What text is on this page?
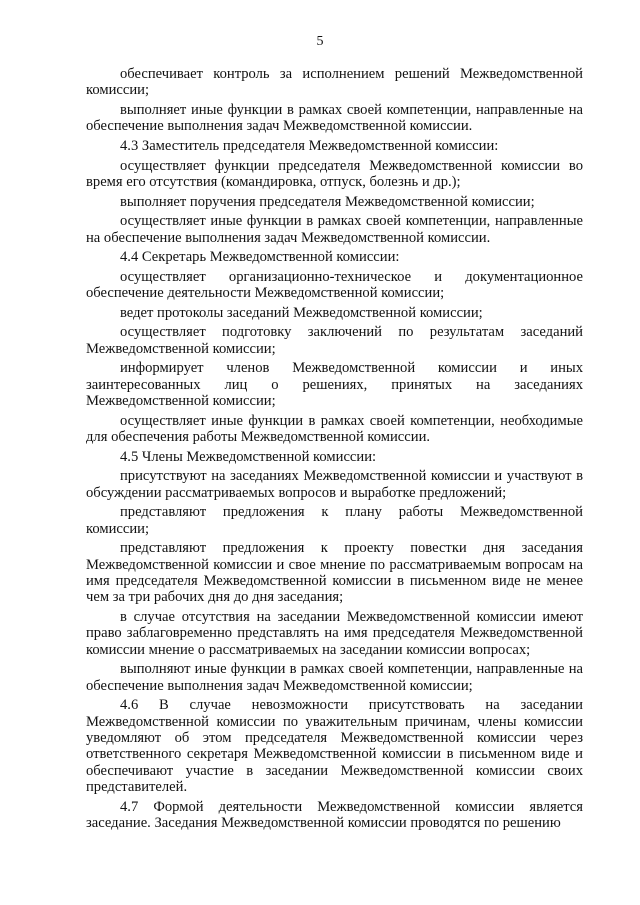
5

обеспечивает контроль за исполнением решений Межведомственной комиссии;

выполняет иные функции в рамках своей компетенции, направленные на обеспечение выполнения задач Межведомственной комиссии.

4.3 Заместитель председателя Межведомственной комиссии:

осуществляет функции председателя Межведомственной комиссии во время его отсутствия (командировка, отпуск, болезнь и др.);

выполняет поручения председателя Межведомственной комиссии;

осуществляет иные функции в рамках своей компетенции, направленные на обеспечение выполнения задач Межведомственной комиссии.

4.4 Секретарь Межведомственной комиссии:

осуществляет организационно-техническое и документационное обеспечение деятельности Межведомственной комиссии;

ведет протоколы заседаний Межведомственной комиссии;

осуществляет подготовку заключений по результатам заседаний Межведомственной комиссии;

информирует членов Межведомственной комиссии и иных заинтересованных лиц о решениях, принятых на заседаниях Межведомственной комиссии;

осуществляет иные функции в рамках своей компетенции, необходимые для обеспечения работы Межведомственной комиссии.

4.5 Члены Межведомственной комиссии:

присутствуют на заседаниях Межведомственной комиссии и участвуют в обсуждении рассматриваемых вопросов и выработке предложений;

представляют предложения к плану работы Межведомственной комиссии;

представляют предложения к проекту повестки дня заседания Межведомственной комиссии и свое мнение по рассматриваемым вопросам на имя председателя Межведомственной комиссии в письменном виде не менее чем за три рабочих дня до дня заседания;

в случае отсутствия на заседании Межведомственной комиссии имеют право заблаговременно представлять на имя председателя Межведомственной комиссии мнение о рассматриваемых на заседании комиссии вопросах;

выполняют иные функции в рамках своей компетенции, направленные на обеспечение выполнения задач Межведомственной комиссии;

4.6 В случае невозможности присутствовать на заседании Межведомственной комиссии по уважительным причинам, члены комиссии уведомляют об этом председателя Межведомственной комиссии через ответственного секретаря Межведомственной комиссии в письменном виде и обеспечивают участие в заседании Межведомственной комиссии своих представителей.

4.7 Формой деятельности Межведомственной комиссии является заседание. Заседания Межведомственной комиссии проводятся по решению
